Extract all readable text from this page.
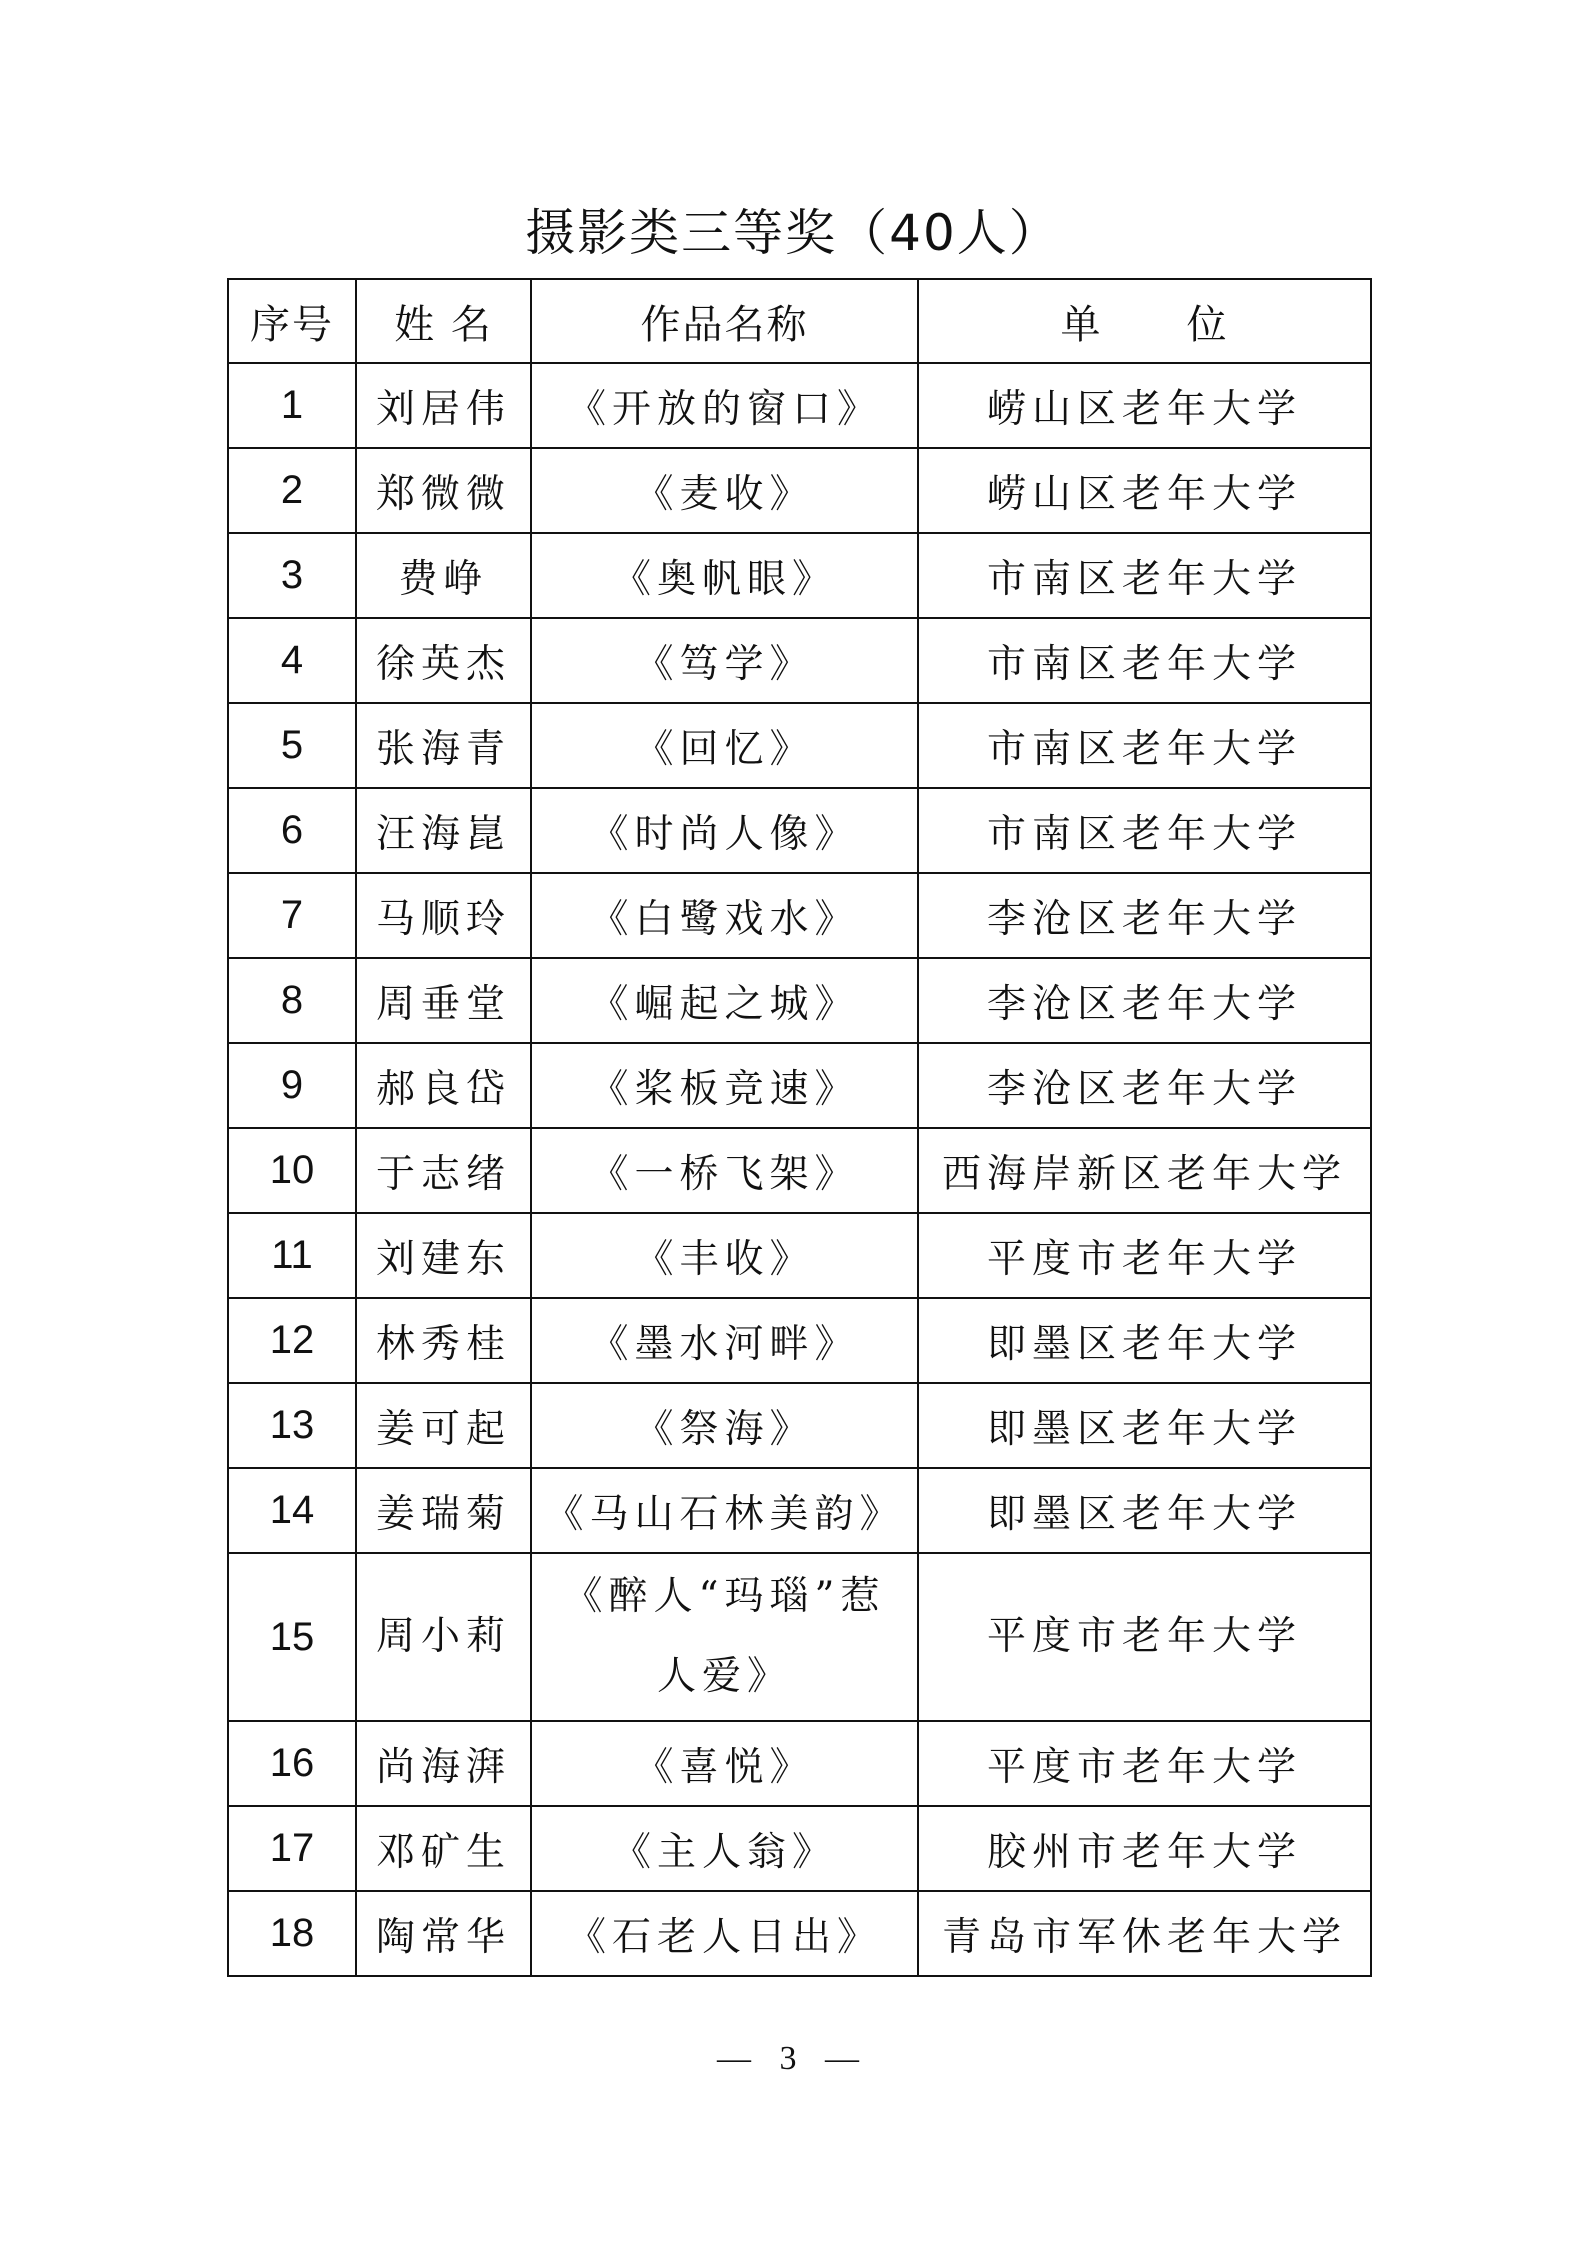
摄影类三等奖（40人）
序号	姓 名	作品名称	单　　位
1	刘居伟	《开放的窗口》	崂山区老年大学
2	郑微微	《麦收》	崂山区老年大学
3	费峥	《奥帆眼》	市南区老年大学
4	徐英杰	《笃学》	市南区老年大学
5	张海青	《回忆》	市南区老年大学
6	汪海崑	《时尚人像》	市南区老年大学
7	马顺玲	《白鹭戏水》	李沧区老年大学
8	周垂堂	《崛起之城》	李沧区老年大学
9	郝良岱	《桨板竞速》	李沧区老年大学
10	于志绪	《一桥飞架》	西海岸新区老年大学
11	刘建东	《丰收》	平度市老年大学
12	林秀桂	《墨水河畔》	即墨区老年大学
13	姜可起	《祭海》	即墨区老年大学
14	姜瑞菊	《马山石林美韵》	即墨区老年大学
15	周小莉	《醉人“玛瑙”惹人爱》	平度市老年大学
16	尚海湃	《喜悦》	平度市老年大学
17	邓矿生	《主人翁》	胶州市老年大学
18	陶常华	《石老人日出》	青岛市军休老年大学
— 3 —
